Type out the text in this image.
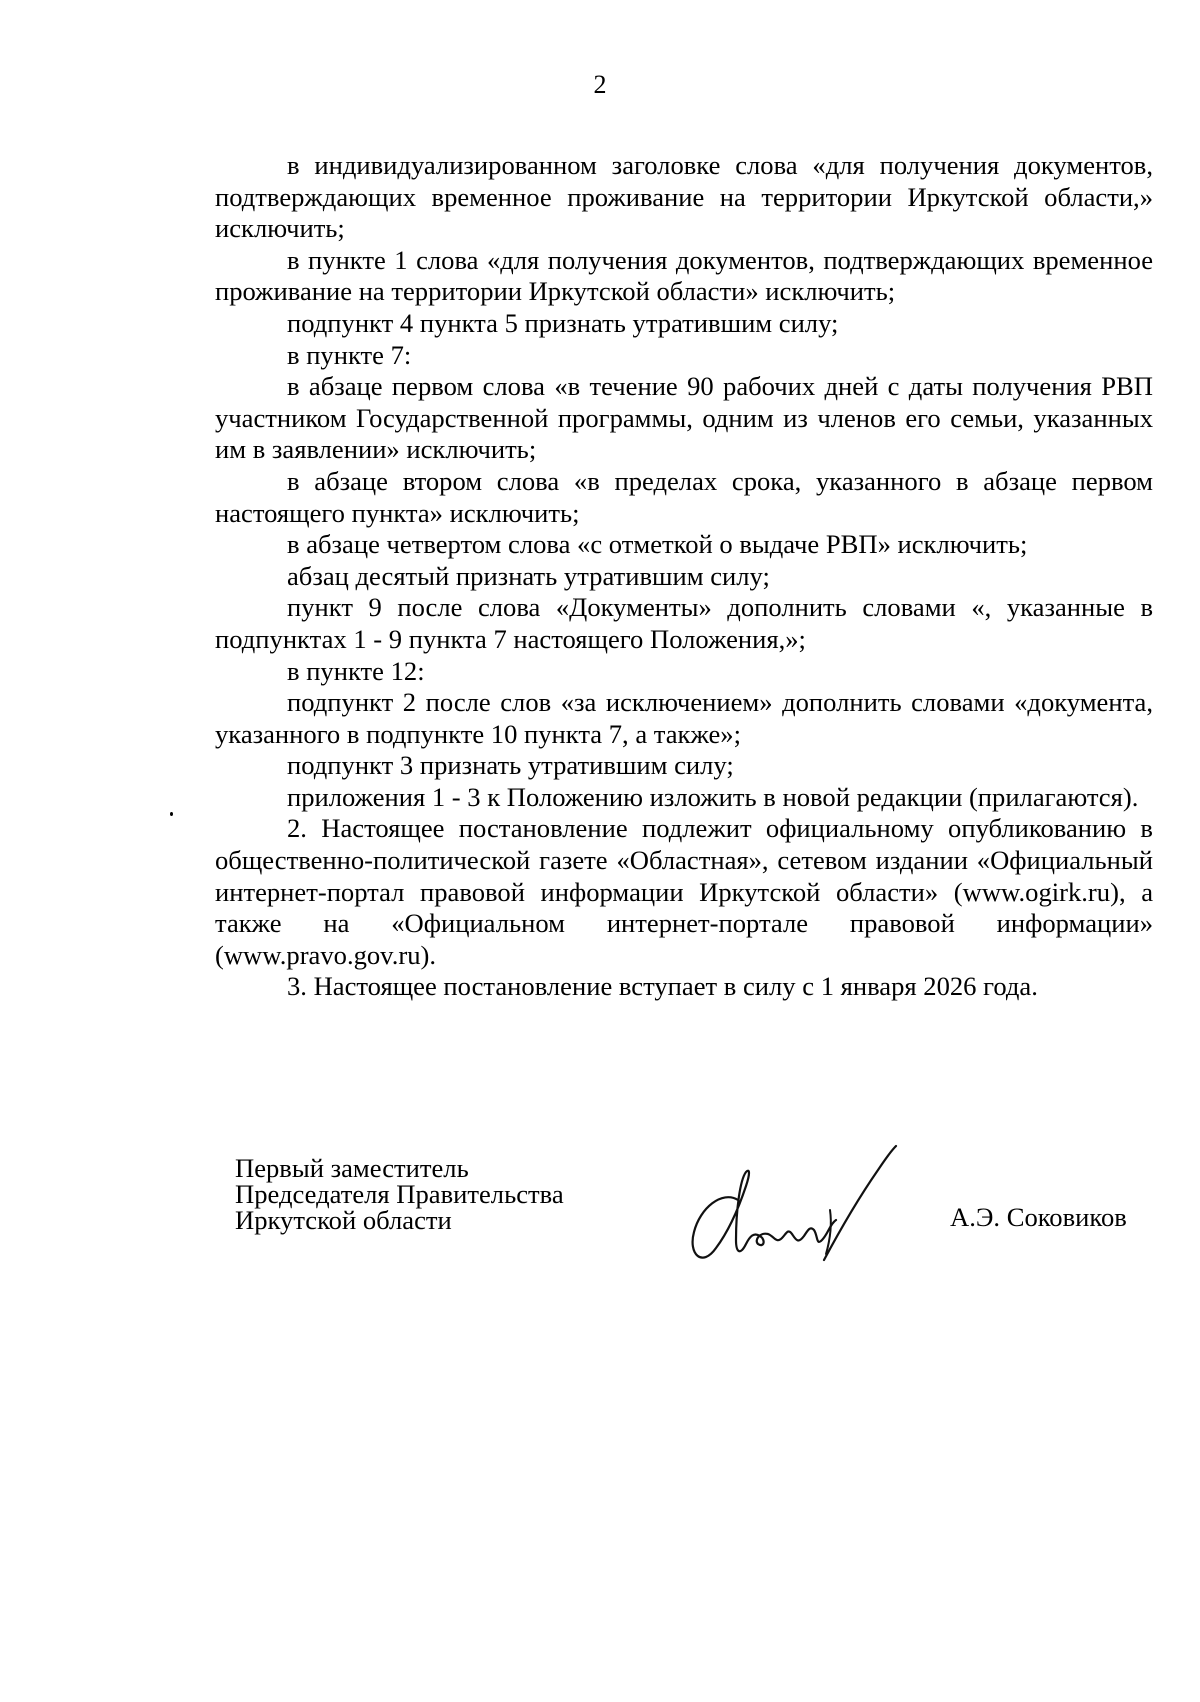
2

в индивидуализированном заголовке слова «для получения документов, подтверждающих временное проживание на территории Иркутской области,» исключить;

в пункте 1 слова «для получения документов, подтверждающих временное проживание на территории Иркутской области» исключить;

подпункт 4 пункта 5 признать утратившим силу;

в пункте 7:

в абзаце первом слова «в течение 90 рабочих дней с даты получения РВП участником Государственной программы, одним из членов его семьи, указанных им в заявлении» исключить;

в абзаце втором слова «в пределах срока, указанного в абзаце первом настоящего пункта» исключить;

в абзаце четвертом слова «с отметкой о выдаче РВП» исключить;

абзац десятый признать утратившим силу;

пункт 9 после слова «Документы» дополнить словами «, указанные в подпунктах 1 - 9 пункта 7 настоящего Положения,»;

в пункте 12:

подпункт 2 после слов «за исключением» дополнить словами «документа, указанного в подпункте 10 пункта 7, а также»;

подпункт 3 признать утратившим силу;

приложения 1 - 3 к Положению изложить в новой редакции (прилагаются).

2. Настоящее постановление подлежит официальному опубликованию в общественно-политической газете «Областная», сетевом издании «Официальный интернет-портал правовой информации Иркутской области» (www.ogirk.ru), а также на «Официальном интернет-портале правовой информации» (www.pravo.gov.ru).

3. Настоящее постановление вступает в силу с 1 января 2026 года.

Первый заместитель
Председателя Правительства
Иркутской области	А.Э. Соковиков
